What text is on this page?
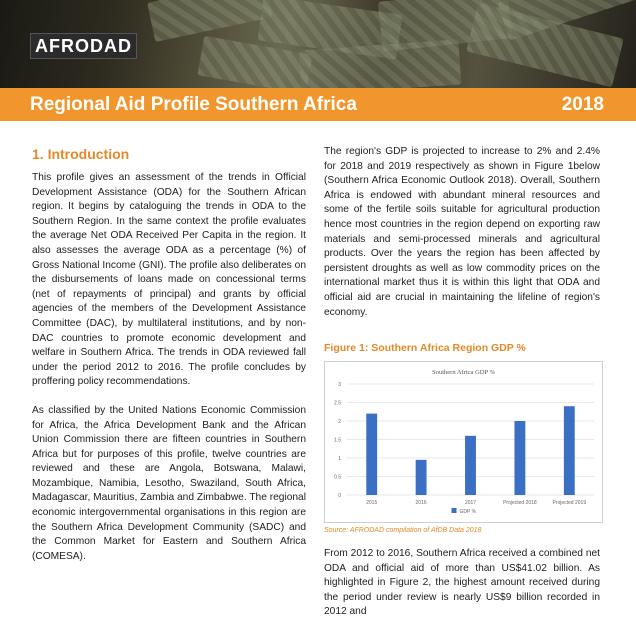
AFRODAD
Regional Aid Profile Southern Africa	2018
1. Introduction

This profile gives an assessment of the trends in Official Development Assistance (ODA) for the Southern African region. It begins by cataloguing the trends in ODA to the Southern Region. In the same context the profile evaluates the average Net ODA Received Per Capita in the region. It also assesses the average ODA as a percentage (%) of Gross National Income (GNI). The profile also deliberates on the disbursements of loans made on concessional terms (net of repayments of principal) and grants by official agencies of the members of the Development Assistance Committee (DAC), by multilateral institutions, and by non-DAC countries to promote economic development and welfare in Southern Africa. The trends in ODA reviewed fall under the period 2012 to 2016. The profile concludes by proffering policy recommendations.

As classified by the United Nations Economic Commission for Africa, the Africa Development Bank and the African Union Commission there are fifteen countries in Southern Africa but for purposes of this profile, twelve countries are reviewed and these are Angola, Botswana, Malawi, Mozambique, Namibia, Lesotho, Swaziland, South Africa, Madagascar, Mauritius, Zambia and Zimbabwe. The regional economic intergovernmental organisations in this region are the Southern Africa Development Community (SADC) and the Common Market for Eastern and Southern Africa (COMESA).

The region's GDP is projected to increase to 2% and 2.4% for 2018 and 2019 respectively as shown in Figure 1below (Southern Africa Economic Outlook 2018). Overall, Southern Africa is endowed with abundant mineral resources and some of the fertile soils suitable for agricultural production hence most countries in the region depend on exporting raw materials and semi-processed minerals and agricultural products. Over the years the region has been affected by persistent droughts as well as low commodity prices on the international market thus it is within this light that ODA and official aid are crucial in maintaining the lifeline of region's economy.

Figure 1: Southern Africa Region GDP %
Southern Africa GDP %
0
0.5
1
1.5
2
2.5
3
2015	2016	2017	Projected 2018	Projected 2019
GDP %
Source: AFRODAD compilation of AfDB Data 2018

From 2012 to 2016, Southern Africa received a combined net ODA and official aid of more than US$41.02 billion. As highlighted in Figure 2, the highest amount received during the period under review is nearly US$9 billion recorded in 2012 and
